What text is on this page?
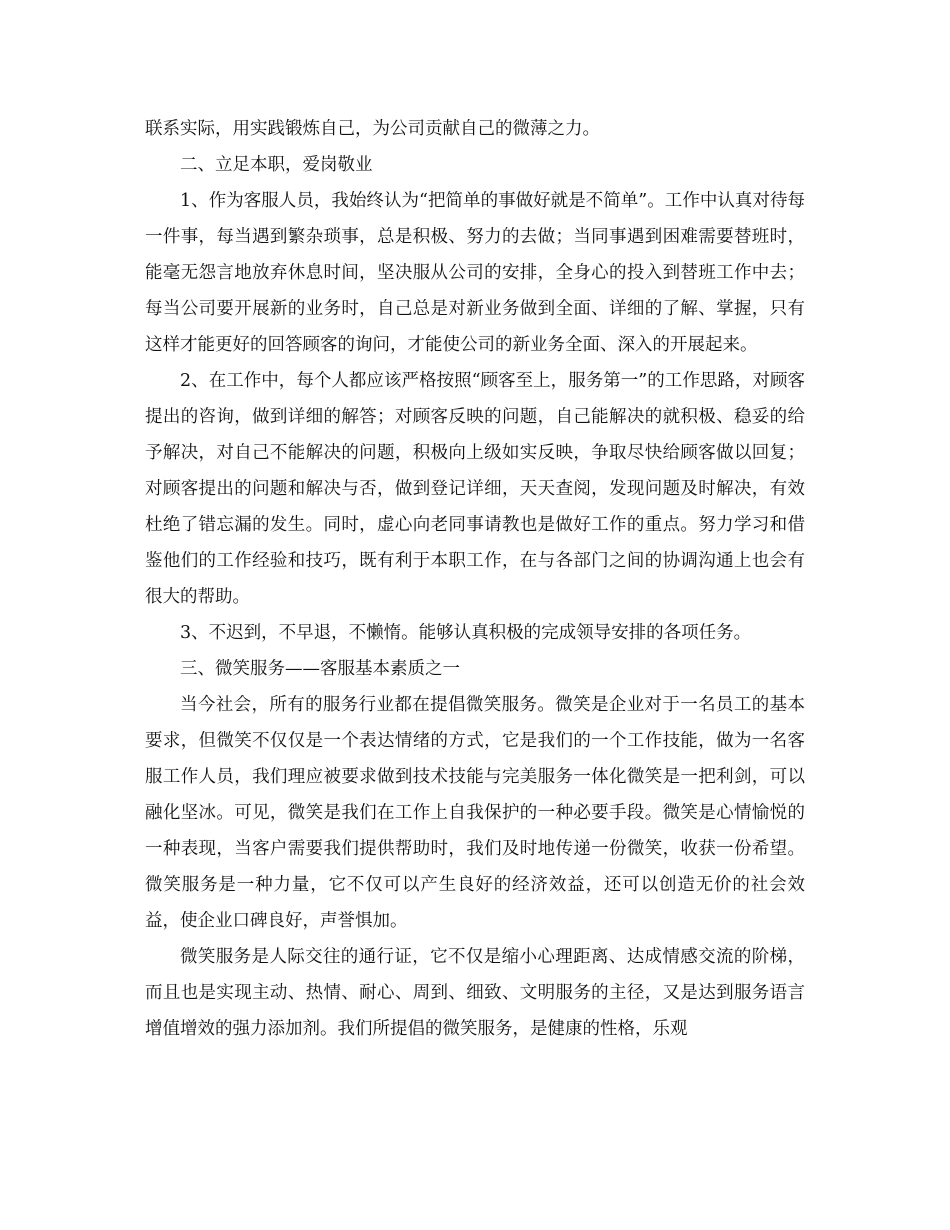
联系实际，用实践锻炼自己，为公司贡献自己的微薄之力。

二、立足本职，爱岗敬业

1、作为客服人员，我始终认为“把简单的事做好就是不简单”。工作中认真对待每一件事，每当遇到繁杂琐事，总是积极、努力的去做；当同事遇到困难需要替班时，能毫无怨言地放弃休息时间，坚决服从公司的安排，全身心的投入到替班工作中去；每当公司要开展新的业务时，自己总是对新业务做到全面、详细的了解、掌握，只有这样才能更好的回答顾客的询问，才能使公司的新业务全面、深入的开展起来。

2、在工作中，每个人都应该严格按照“顾客至上，服务第一”的工作思路，对顾客提出的咨询，做到详细的解答；对顾客反映的问题，自己能解决的就积极、稳妥的给予解决，对自己不能解决的问题，积极向上级如实反映，争取尽快给顾客做以回复；对顾客提出的问题和解决与否，做到登记详细，天天查阅，发现问题及时解决，有效杜绝了错忘漏的发生。同时，虚心向老同事请教也是做好工作的重点。努力学习和借鉴他们的工作经验和技巧，既有利于本职工作，在与各部门之间的协调沟通上也会有很大的帮助。

3、不迟到，不早退，不懒惰。能够认真积极的完成领导安排的各项任务。

三、微笑服务——客服基本素质之一

当今社会，所有的服务行业都在提倡微笑服务。微笑是企业对于一名员工的基本要求，但微笑不仅仅是一个表达情绪的方式，它是我们的一个工作技能，做为一名客服工作人员，我们理应被要求做到技术技能与完美服务一体化微笑是一把利剑，可以融化坚冰。可见，微笑是我们在工作上自我保护的一种必要手段。微笑是心情愉悦的一种表现，当客户需要我们提供帮助时，我们及时地传递一份微笑，收获一份希望。微笑服务是一种力量，它不仅可以产生良好的经济效益，还可以创造无价的社会效益，使企业口碑良好，声誉惧加。

微笑服务是人际交往的通行证，它不仅是缩小心理距离、达成情感交流的阶梯，而且也是实现主动、热情、耐心、周到、细致、文明服务的主径，又是达到服务语言增值增效的强力添加剂。我们所提倡的微笑服务，是健康的性格，乐观
